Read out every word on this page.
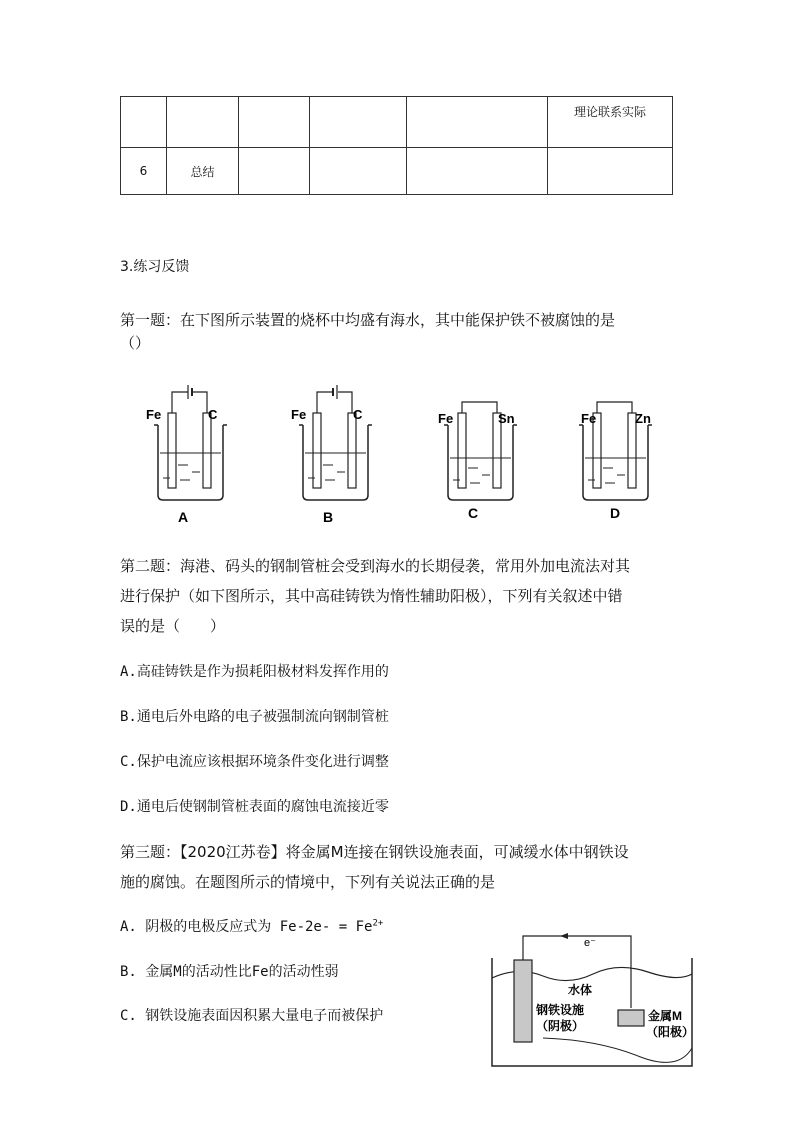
					理论联系实际

6	总结				
3.练习反馈
第一题：在下图所示装置的烧杯中均盛有海水，其中能保护铁不被腐蚀的是
（）
Fe	C
A
Fe	C
B
Fe	Sn
C
Fe	Zn
D
第二题：海港、码头的钢制管桩会受到海水的长期侵袭，常用外加电流法对其
进行保护（如下图所示，其中高硅铸铁为惰性辅助阳极），下列有关叙述中错
误的是（　　）
A.高硅铸铁是作为损耗阳极材料发挥作用的
B.通电后外电路的电子被强制流向钢制管桩
C.保护电流应该根据环境条件变化进行调整
D.通电后使钢制管桩表面的腐蚀电流接近零
第三题：【2020江苏卷】将金属M连接在钢铁设施表面，可减缓水体中钢铁设
施的腐蚀。在题图所示的情境中，下列有关说法正确的是
A. 阴极的电极反应式为 $Fe-2e- = Fe^{2+}$
B. 金属M的活动性比Fe的活动性弱
C. 钢铁设施表面因积累大量电子而被保护
e⁻
水体
钢铁设施
（阴极）
金属M
（阳极）
